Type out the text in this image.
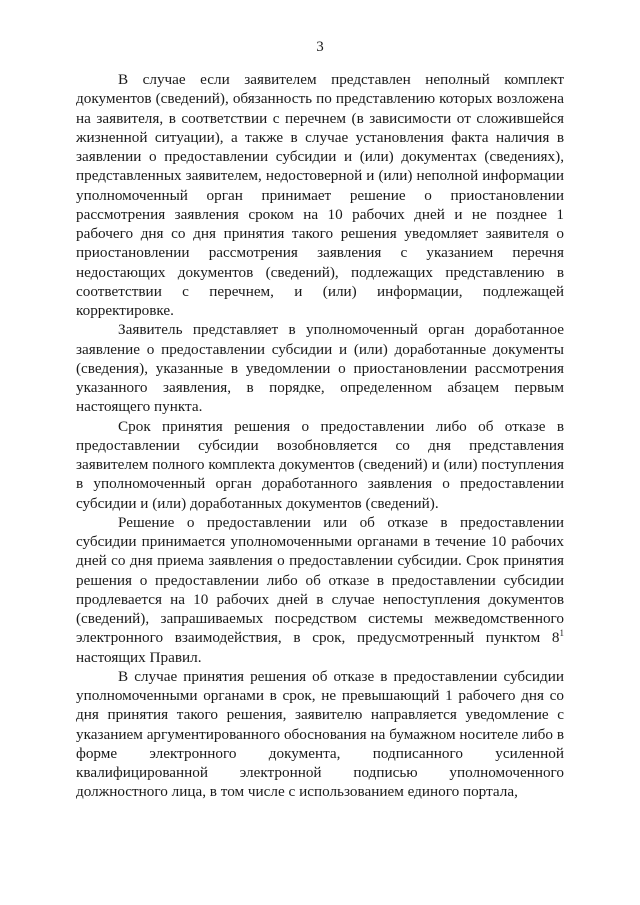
3

В случае если заявителем представлен неполный комплект документов (сведений), обязанность по представлению которых возложена на заявителя, в соответствии с перечнем (в зависимости от сложившейся жизненной ситуации), а также в случае установления факта наличия в заявлении о предоставлении субсидии и (или) документах (сведениях), представленных заявителем, недостоверной и (или) неполной информации уполномоченный орган принимает решение о приостановлении рассмотрения заявления сроком на 10 рабочих дней и не позднее 1 рабочего дня со дня принятия такого решения уведомляет заявителя о приостановлении рассмотрения заявления с указанием перечня недостающих документов (сведений), подлежащих представлению в соответствии с перечнем, и (или) информации, подлежащей корректировке.

Заявитель представляет в уполномоченный орган доработанное заявление о предоставлении субсидии и (или) доработанные документы (сведения), указанные в уведомлении о приостановлении рассмотрения указанного заявления, в порядке, определенном абзацем первым настоящего пункта.

Срок принятия решения о предоставлении либо об отказе в предоставлении субсидии возобновляется со дня представления заявителем полного комплекта документов (сведений) и (или) поступления в уполномоченный орган доработанного заявления о предоставлении субсидии и (или) доработанных документов (сведений).

Решение о предоставлении или об отказе в предоставлении субсидии принимается уполномоченными органами в течение 10 рабочих дней со дня приема заявления о предоставлении субсидии. Срок принятия решения о предоставлении либо об отказе в предоставлении субсидии продлевается на 10 рабочих дней в случае непоступления документов (сведений), запрашиваемых посредством системы межведомственного электронного взаимодействия, в срок, предусмотренный пунктом $8^1$ настоящих Правил.

В случае принятия решения об отказе в предоставлении субсидии уполномоченными органами в срок, не превышающий 1 рабочего дня со дня принятия такого решения, заявителю направляется уведомление с указанием аргументированного обоснования на бумажном носителе либо в форме электронного документа, подписанного усиленной квалифицированной электронной подписью уполномоченного должностного лица, в том числе с использованием единого портала,
